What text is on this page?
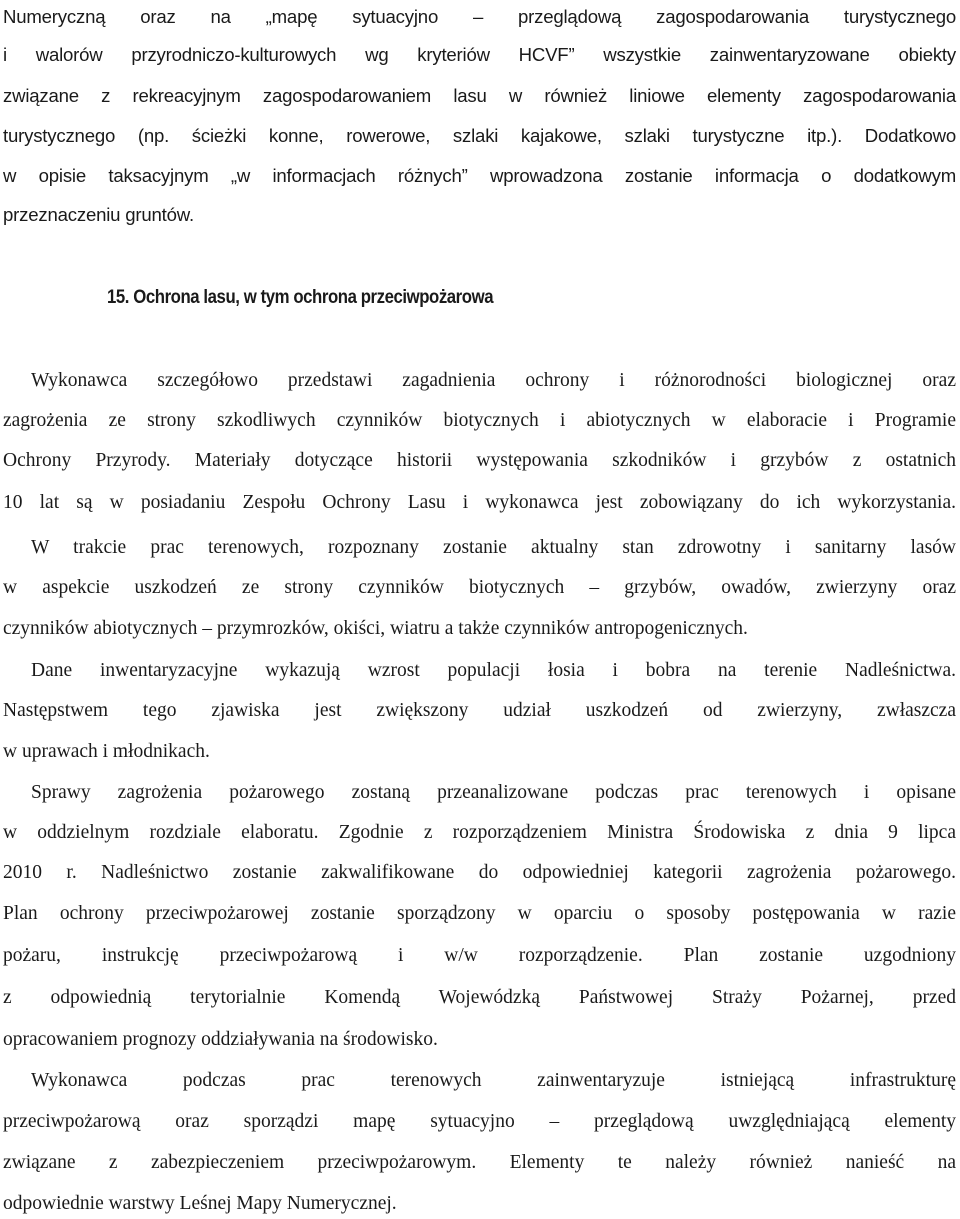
Numeryczną oraz na „mapę sytuacyjno – przeglądową zagospodarowania turystycznego
i walorów przyrodniczo-kulturowych wg kryteriów HCVF” wszystkie zainwentaryzowane obiekty
związane z rekreacyjnym zagospodarowaniem lasu w również liniowe elementy zagospodarowania
turystycznego (np. ścieżki konne, rowerowe, szlaki kajakowe, szlaki turystyczne itp.). Dodatkowo
w opisie taksacyjnym „w informacjach różnych” wprowadzona zostanie informacja o dodatkowym
przeznaczeniu gruntów.
15. Ochrona lasu, w tym ochrona przeciwpożarowa
Wykonawca szczegółowo przedstawi zagadnienia ochrony i różnorodności biologicznej oraz
zagrożenia ze strony szkodliwych czynników biotycznych i abiotycznych w elaboracie i Programie
Ochrony Przyrody. Materiały dotyczące historii występowania szkodników i grzybów z ostatnich
10 lat są w posiadaniu Zespołu Ochrony Lasu i wykonawca jest zobowiązany do ich wykorzystania.
W trakcie prac terenowych, rozpoznany zostanie aktualny stan zdrowotny i sanitarny lasów
w aspekcie uszkodzeń ze strony czynników biotycznych – grzybów, owadów, zwierzyny oraz
czynników abiotycznych – przymrozków, okiści, wiatru a także czynników antropogenicznych.
Dane inwentaryzacyjne wykazują wzrost populacji łosia i bobra na terenie Nadleśnictwa.
Następstwem tego zjawiska jest zwiększony udział uszkodzeń od zwierzyny, zwłaszcza
w uprawach i młodnikach.
Sprawy zagrożenia pożarowego zostaną przeanalizowane podczas prac terenowych i opisane
w oddzielnym rozdziale elaboratu. Zgodnie z rozporządzeniem Ministra Środowiska z dnia 9 lipca
2010 r. Nadleśnictwo zostanie zakwalifikowane do odpowiedniej kategorii zagrożenia pożarowego.
Plan ochrony przeciwpożarowej zostanie sporządzony w oparciu o sposoby postępowania w razie
pożaru, instrukcję przeciwpożarową i w/w rozporządzenie. Plan zostanie uzgodniony
z odpowiednią terytorialnie Komendą Wojewódzką Państwowej Straży Pożarnej, przed
opracowaniem prognozy oddziaływania na środowisko.
Wykonawca podczas prac terenowych zainwentaryzuje istniejącą infrastrukturę
przeciwpożarową oraz sporządzi mapę sytuacyjno – przeglądową uwzględniającą elementy
związane z zabezpieczeniem przeciwpożarowym. Elementy te należy również nanieść na
odpowiednie warstwy Leśnej Mapy Numerycznej.
